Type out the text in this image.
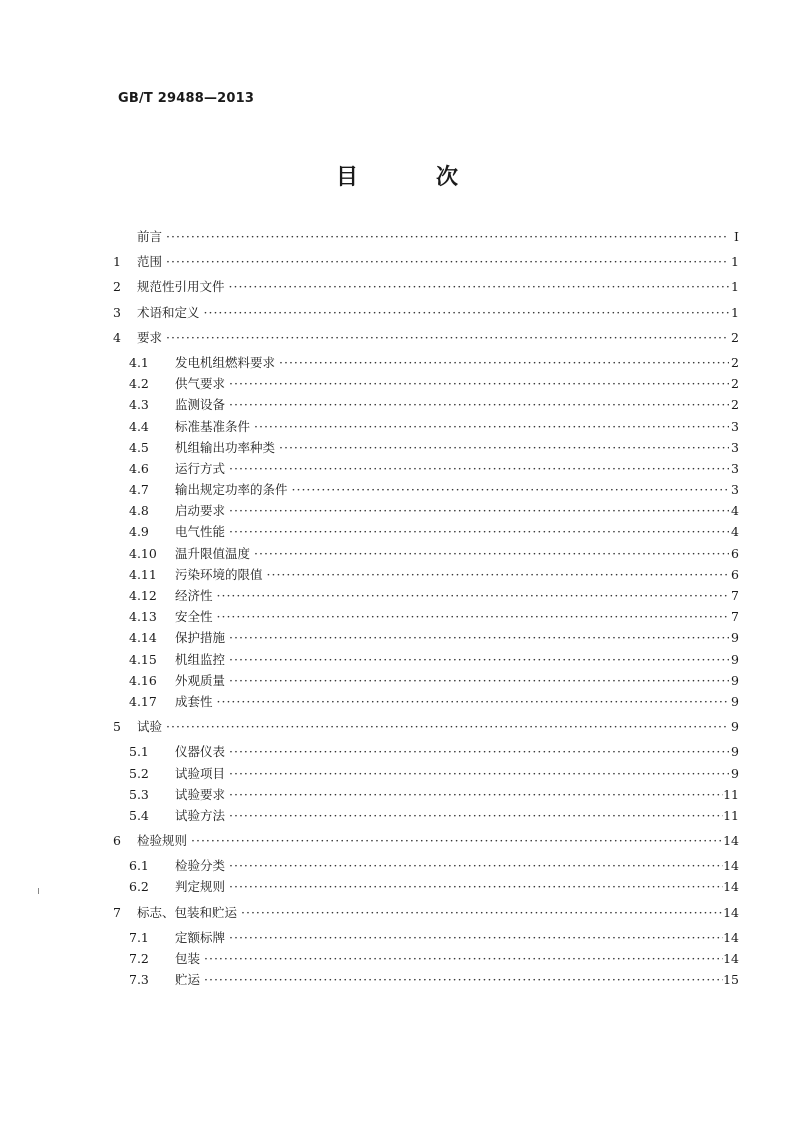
GB/T 29488—2013
目　次
前言 ·····	Ⅰ
1	范围 ·····	1
2	规范性引用文件 ·····	1
3	术语和定义 ·····	1
4	要求 ·····	2
4.1	发电机组燃料要求 ·····	2
4.2	供气要求 ·····	2
4.3	监测设备 ·····	2
4.4	标准基准条件 ·····	3
4.5	机组输出功率种类 ·····	3
4.6	运行方式 ·····	3
4.7	输出规定功率的条件 ·····	3
4.8	启动要求 ·····	4
4.9	电气性能 ·····	4
4.10	温升限值温度 ·····	6
4.11	污染环境的限值 ·····	6
4.12	经济性 ·····	7
4.13	安全性 ·····	7
4.14	保护措施 ·····	9
4.15	机组监控 ·····	9
4.16	外观质量 ·····	9
4.17	成套性 ·····	9
5	试验 ·····	9
5.1	仪器仪表 ·····	9
5.2	试验项目 ·····	9
5.3	试验要求 ·····	11
5.4	试验方法 ·····	11
6	检验规则 ·····	14
6.1	检验分类 ·····	14
6.2	判定规则 ·····	14
7	标志、包装和贮运 ·····	14
7.1	定额标牌 ·····	14
7.2	包装 ·····	14
7.3	贮运 ·····	15
